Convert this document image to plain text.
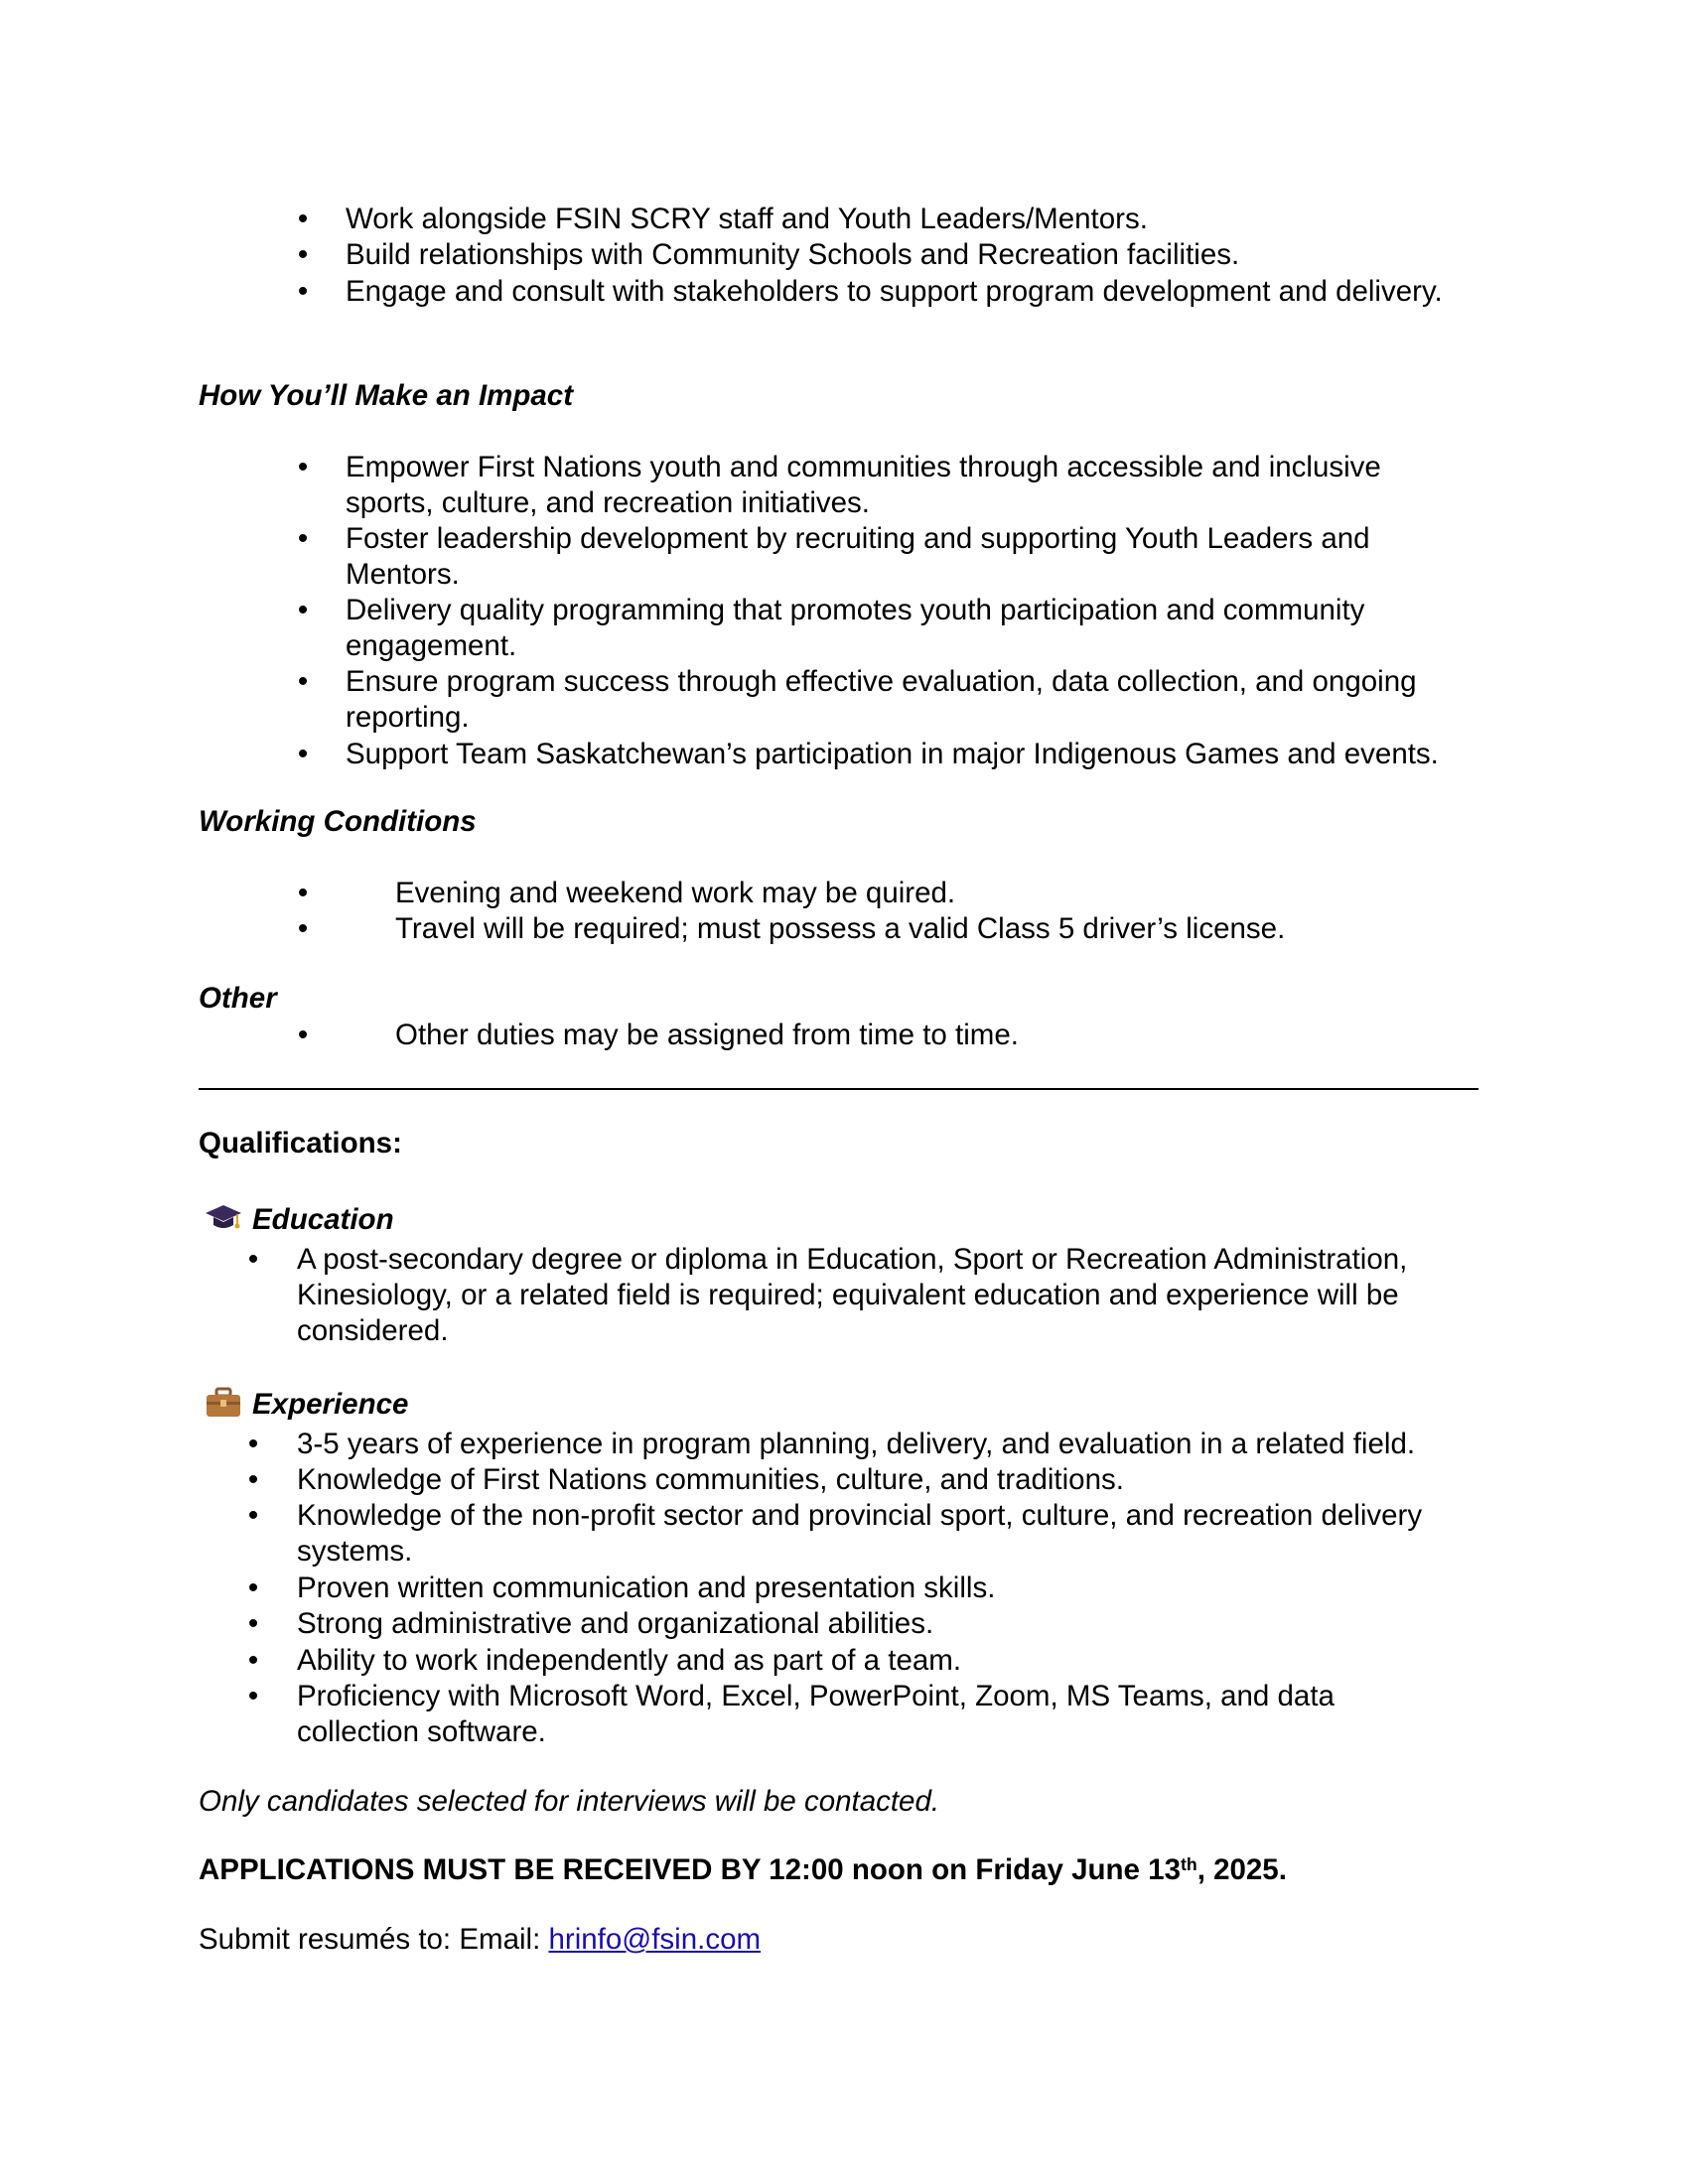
• Work alongside FSIN SCRY staff and Youth Leaders/Mentors.
• Build relationships with Community Schools and Recreation facilities.
• Engage and consult with stakeholders to support program development and delivery.
How You’ll Make an Impact
• Empower First Nations youth and communities through accessible and inclusive
sports, culture, and recreation initiatives.
• Foster leadership development by recruiting and supporting Youth Leaders and
Mentors.
• Delivery quality programming that promotes youth participation and community
engagement.
• Ensure program success through effective evaluation, data collection, and ongoing
reporting.
• Support Team Saskatchewan’s participation in major Indigenous Games and events.
Working Conditions
•	Evening and weekend work may be quired.
•	Travel will be required; must possess a valid Class 5 driver’s license.
Other
•	Other duties may be assigned from time to time.
Qualifications:
Education
• A post-secondary degree or diploma in Education, Sport or Recreation Administration,
Kinesiology, or a related field is required; equivalent education and experience will be
considered.
Experience
• 3-5 years of experience in program planning, delivery, and evaluation in a related field.
• Knowledge of First Nations communities, culture, and traditions.
• Knowledge of the non-profit sector and provincial sport, culture, and recreation delivery
systems.
• Proven written communication and presentation skills.
• Strong administrative and organizational abilities.
• Ability to work independently and as part of a team.
• Proficiency with Microsoft Word, Excel, PowerPoint, Zoom, MS Teams, and data
collection software.
Only candidates selected for interviews will be contacted.
APPLICATIONS MUST BE RECEIVED BY 12:00 noon on Friday June 13th, 2025.
Submit resumés to: Email: hrinfo@fsin.com
